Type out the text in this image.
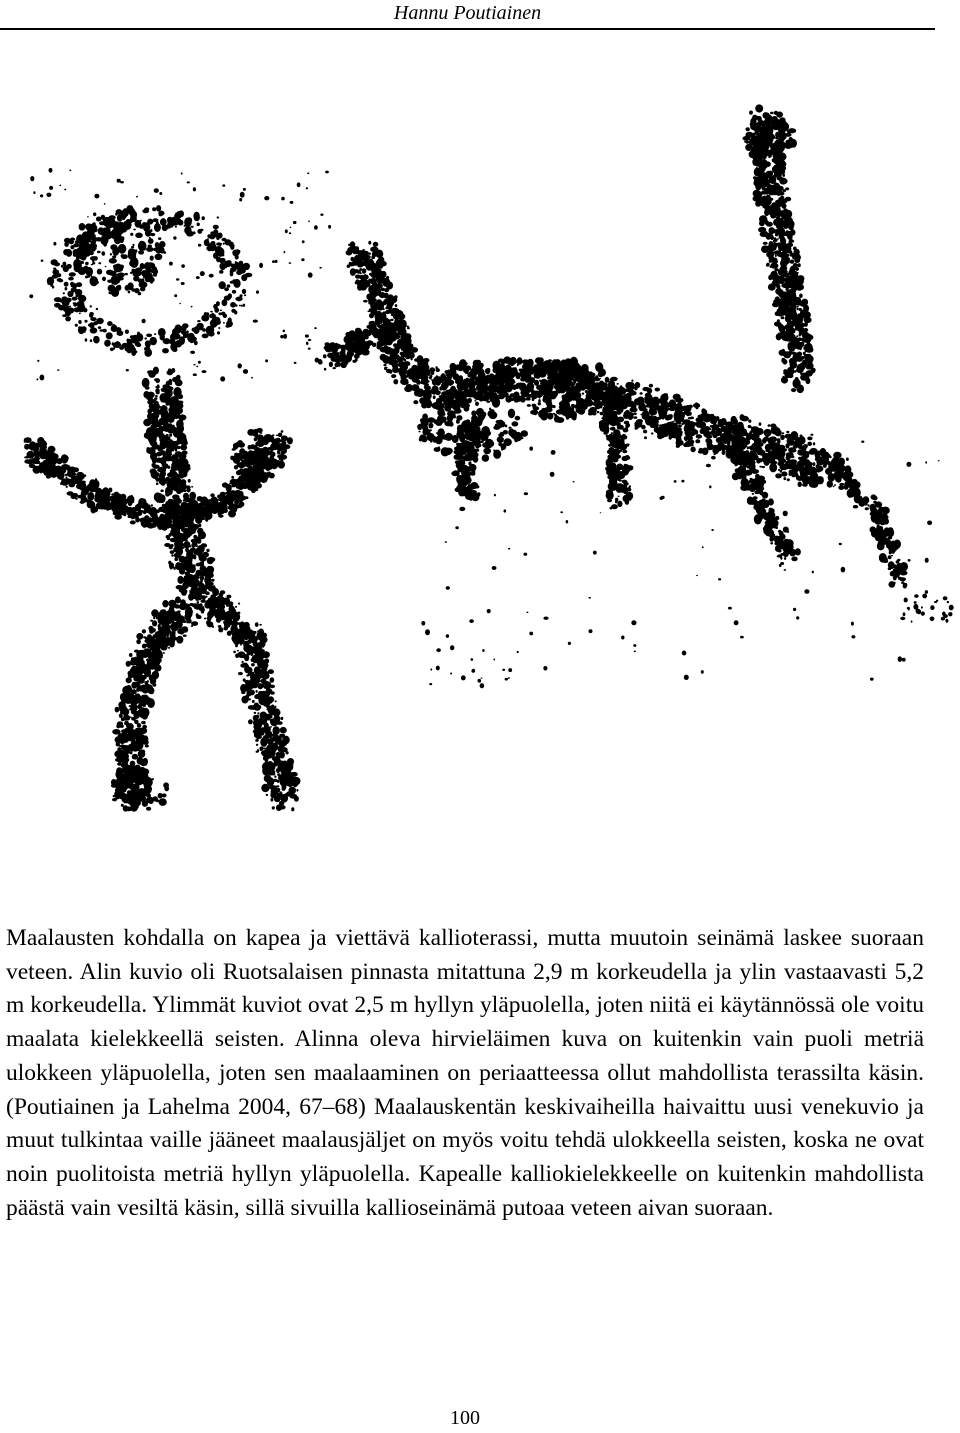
Hannu Poutiainen

Maalausten kohdalla on kapea ja viettävä kallioterassi, mutta muutoin seinämä laskee suoraan veteen. Alin kuvio oli Ruotsalaisen pinnasta mitattuna 2,9 m korkeudella ja ylin vastaavasti 5,2 m korkeudella. Ylimmät kuviot ovat 2,5 m hyllyn yläpuolella, joten niitä ei käytännössä ole voitu maalata kielekkeellä seisten. Alinna oleva hirvieläimen kuva on kuitenkin vain puoli metriä ulokkeen yläpuolella, joten sen maalaaminen on periaatteessa ollut mahdollista terassilta käsin. (Poutiainen ja Lahelma 2004, 67–68) Maalauskentän keskivaiheilla haivaittu uusi venekuvio ja muut tulkintaa vaille jääneet maalausjäljet on myös voitu tehdä ulokkeella seisten, koska ne ovat noin puolitoista metriä hyllyn yläpuolella. Kapealle kalliokielekkeelle on kuitenkin mahdollista päästä vain vesiltä käsin, sillä sivuilla kallioseinämä putoaa veteen aivan suoraan.

100
